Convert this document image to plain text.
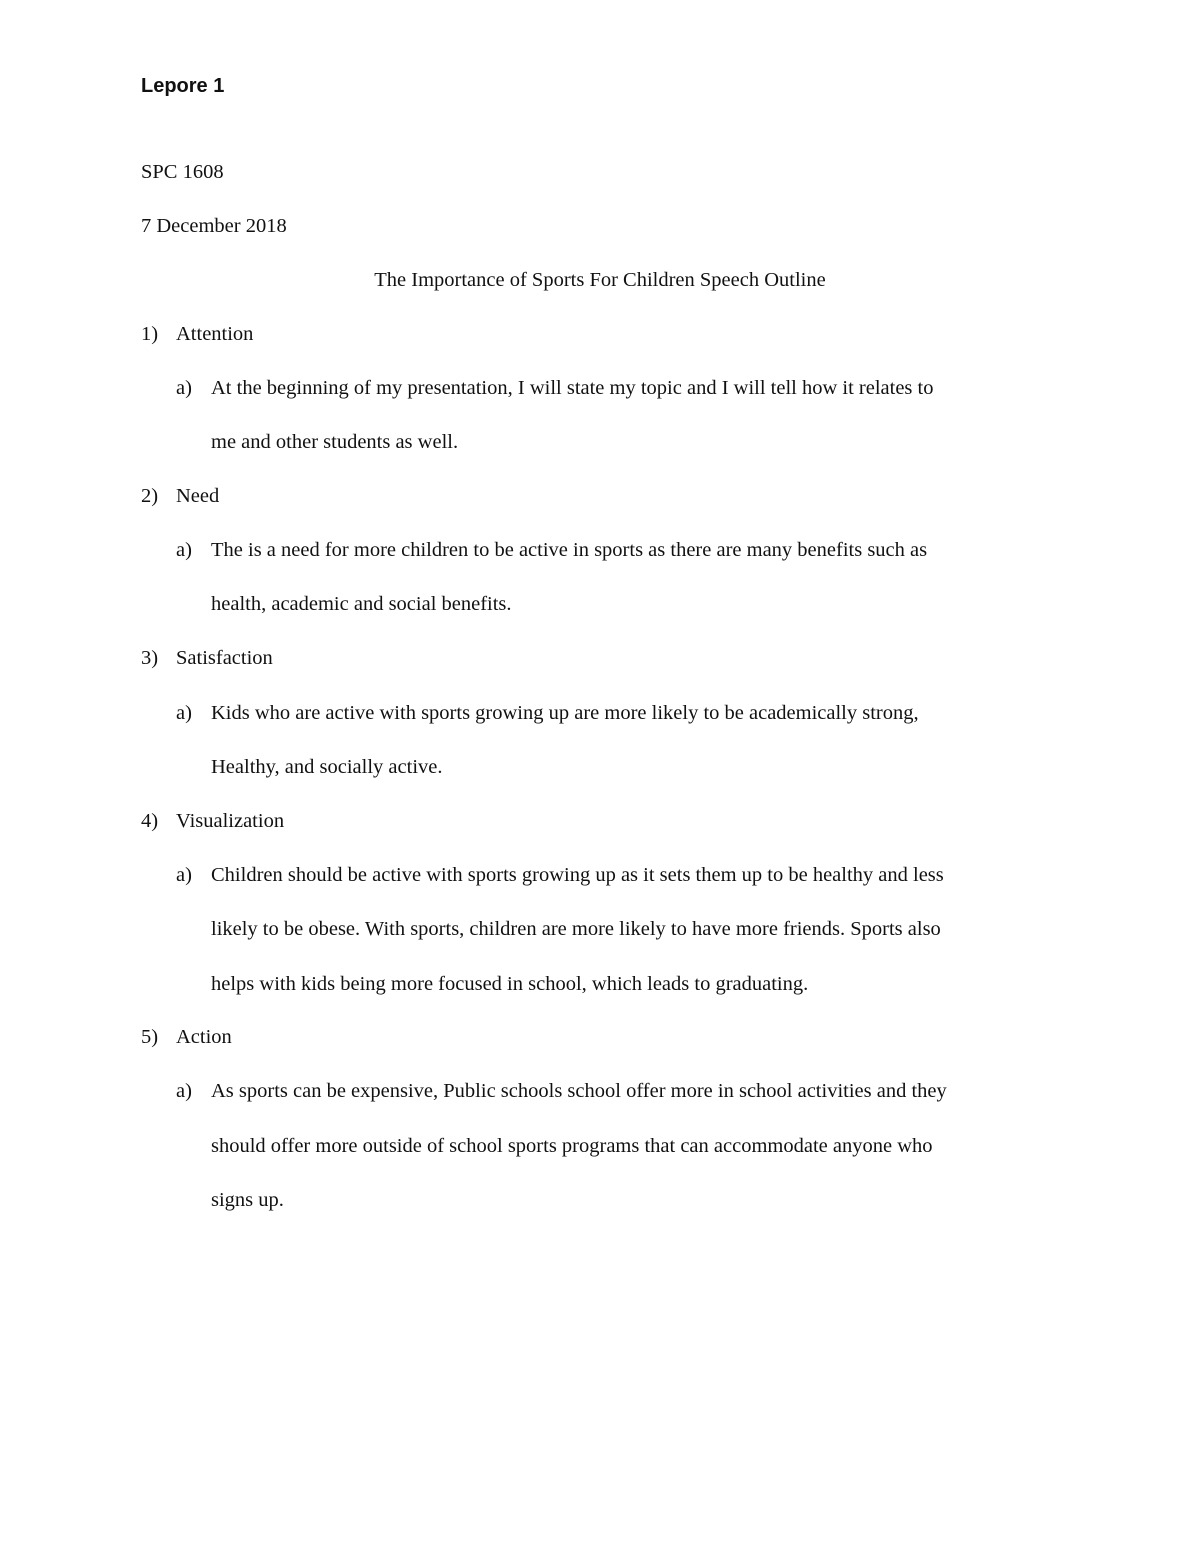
Lepore 1

SPC 1608

7 December 2018

The Importance of Sports For Children Speech Outline

1) Attention
a) At the beginning of my presentation, I will state my topic and I will tell how it relates to
me and other students as well.
2) Need
a) The is a need for more children to be active in sports as there are many benefits such as
health, academic and social benefits.
3) Satisfaction
a) Kids who are active with sports growing up are more likely to be academically strong,
Healthy, and socially active.
4) Visualization
a) Children should be active with sports growing up as it sets them up to be healthy and less
likely to be obese. With sports, children are more likely to have more friends. Sports also
helps with kids being more focused in school, which leads to graduating.
5) Action
a) As sports can be expensive, Public schools school offer more in school activities and they
should offer more outside of school sports programs that can accommodate anyone who
signs up.
